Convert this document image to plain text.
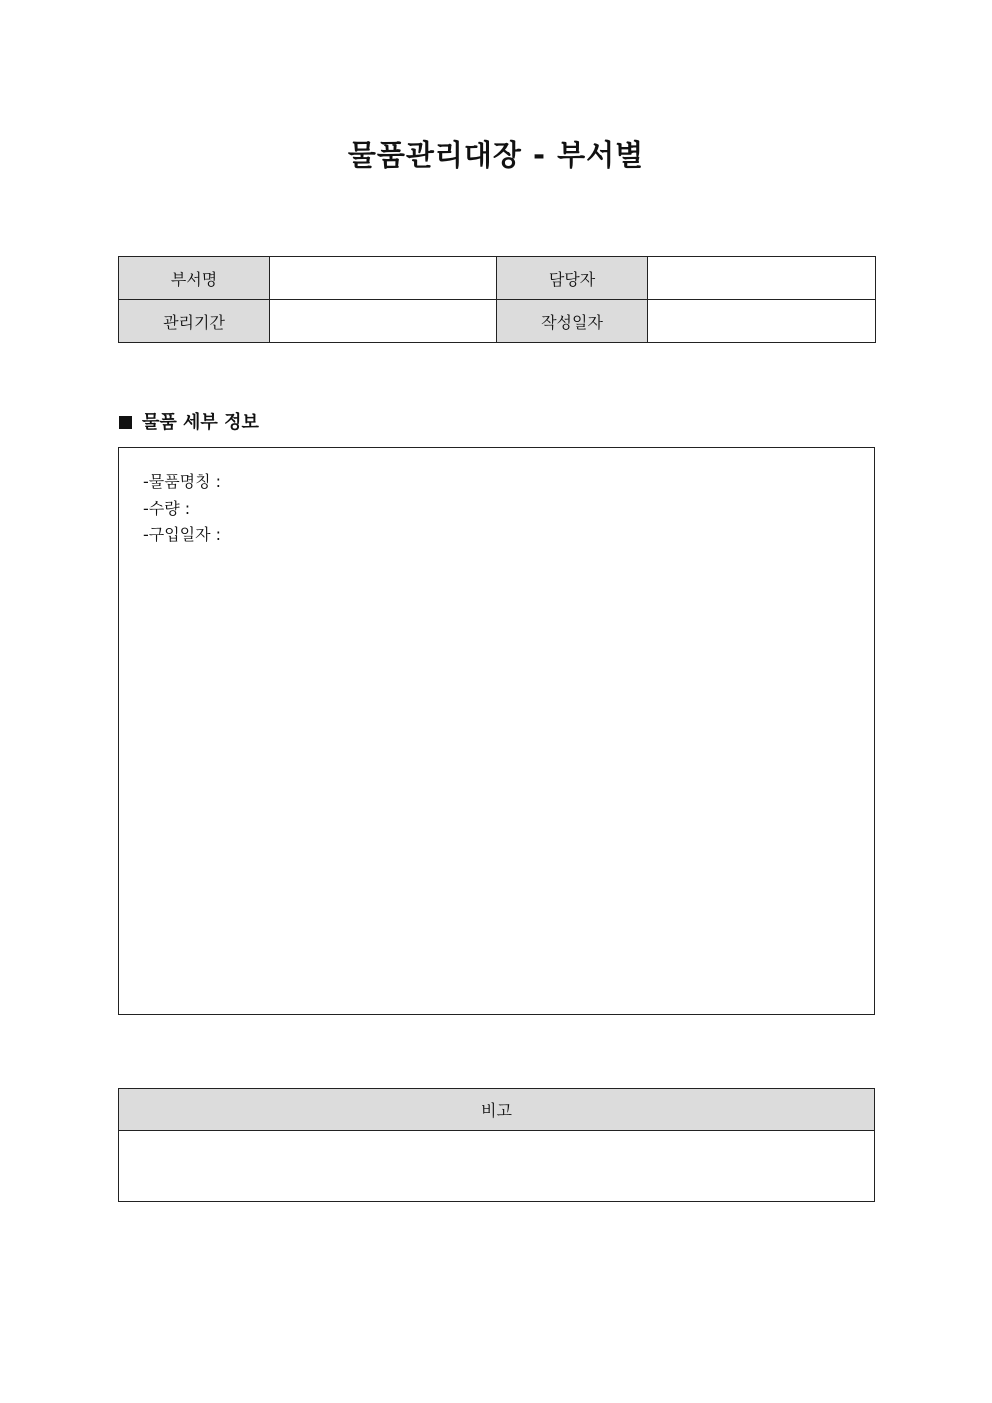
물품관리대장 - 부서별
부서명		담당자	
관리기간		작성일자	
물품 세부 정보
-물품명칭 :
-수량 :
-구입일자 :
비고
